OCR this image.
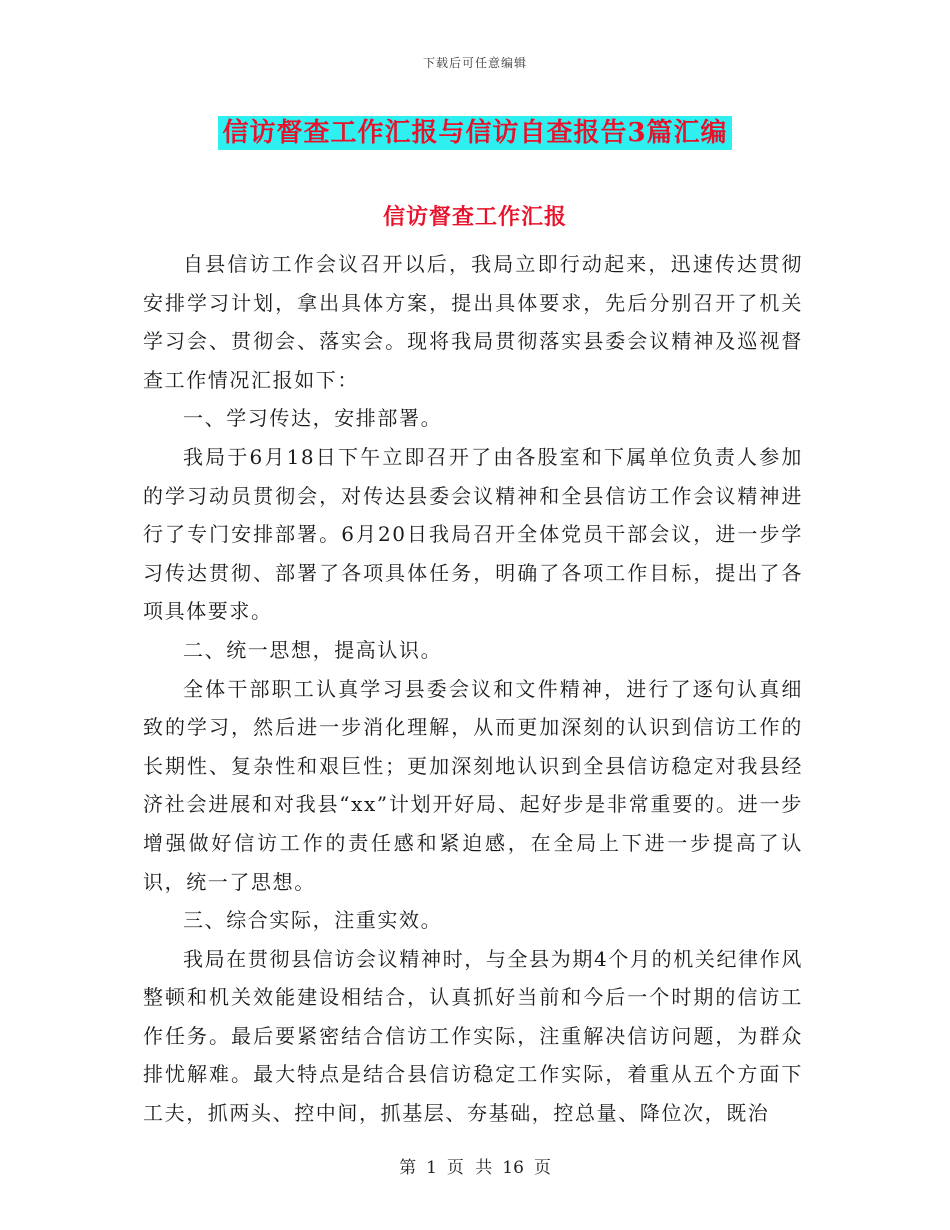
下载后可任意编辑
信访督查工作汇报与信访自查报告3篇汇编
信访督查工作汇报

自县信访工作会议召开以后，我局立即行动起来，迅速传达贯彻安排学习计划，拿出具体方案，提出具体要求，先后分别召开了机关学习会、贯彻会、落实会。现将我局贯彻落实县委会议精神及巡视督查工作情况汇报如下：

一、学习传达，安排部署。

我局于6月18日下午立即召开了由各股室和下属单位负责人参加的学习动员贯彻会，对传达县委会议精神和全县信访工作会议精神进行了专门安排部署。6月20日我局召开全体党员干部会议，进一步学习传达贯彻、部署了各项具体任务，明确了各项工作目标，提出了各项具体要求。

二、统一思想，提高认识。

全体干部职工认真学习县委会议和文件精神，进行了逐句认真细致的学习，然后进一步消化理解，从而更加深刻的认识到信访工作的长期性、复杂性和艰巨性；更加深刻地认识到全县信访稳定对我县经济社会进展和对我县“xx”计划开好局、起好步是非常重要的。进一步增强做好信访工作的责任感和紧迫感，在全局上下进一步提高了认识，统一了思想。

三、综合实际，注重实效。

我局在贯彻县信访会议精神时，与全县为期4个月的机关纪律作风整顿和机关效能建设相结合，认真抓好当前和今后一个时期的信访工作任务。最后要紧密结合信访工作实际，注重解决信访问题，为群众排忧解难。最大特点是结合县信访稳定工作实际，着重从五个方面下工夫，抓两头、控中间，抓基层、夯基础，控总量、降位次，既治

第 1 页 共 16 页
